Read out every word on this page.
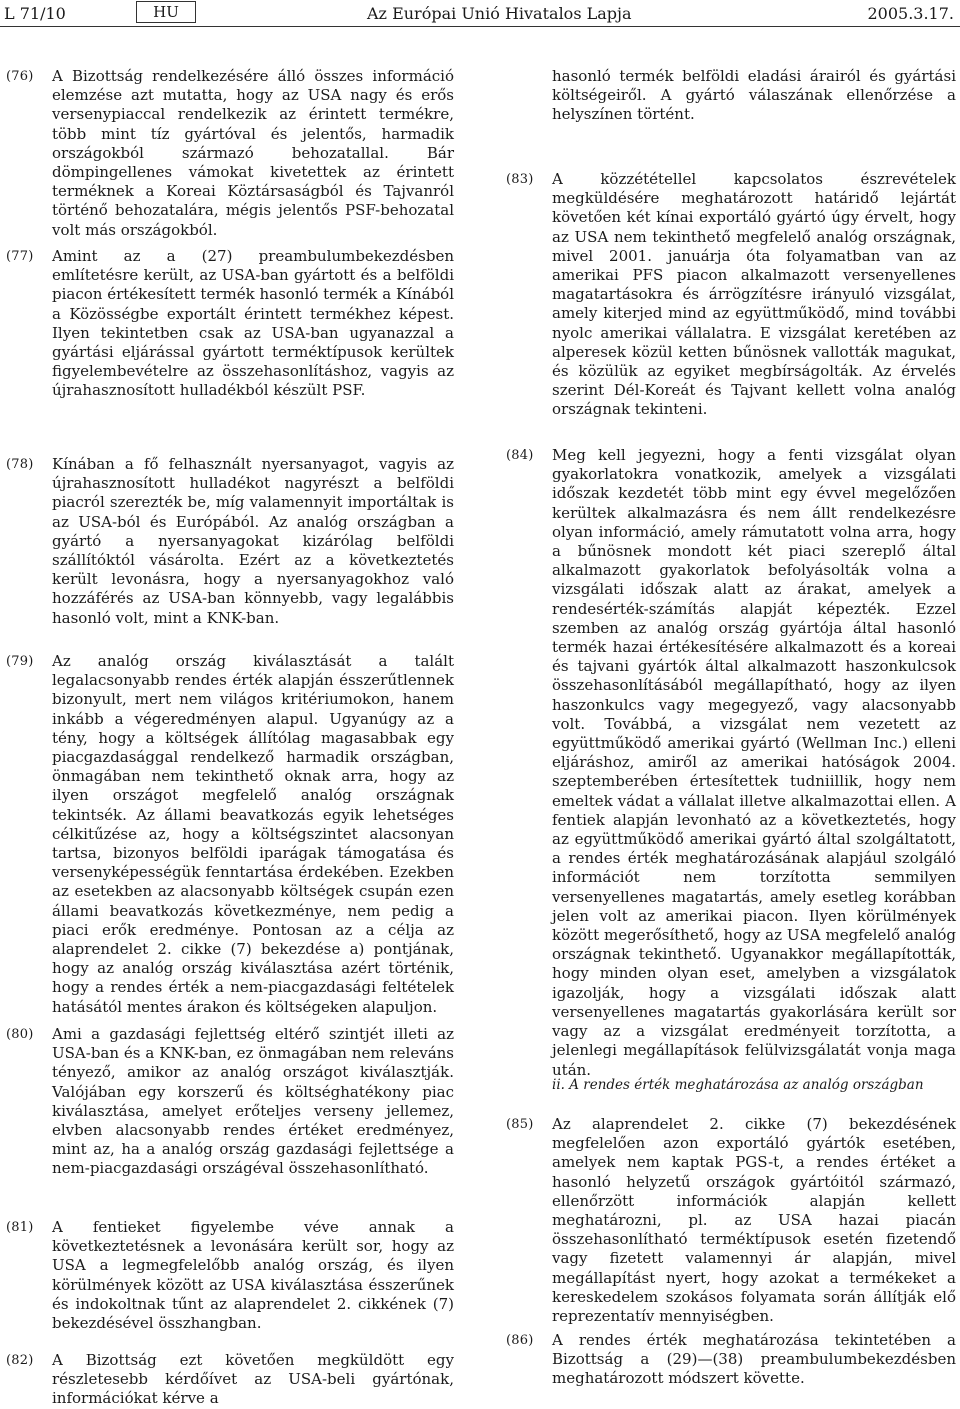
L 71/10	HU	Az Európai Unió Hivatalos Lapja	2005.3.17.
(76) A Bizottság rendelkezésére álló összes információ elemzése azt mutatta, hogy az USA nagy és erős versenypiaccal rendelkezik az érintett termékre, több mint tíz gyártóval és jelentős, harmadik országokból származó behozatallal. Bár dömpingellenes vámokat kivetettek az érintett terméknek a Koreai Köztársaságból és Tajvanról történő behozatalára, mégis jelentős PSF-behozatal volt más országokból.
(77) Amint az a (27) preambulumbekezdésben említetésre került, az USA-ban gyártott és a belföldi piacon értékesített termék hasonló termék a Kínából a Közösségbe exportált érintett termékhez képest. Ilyen tekintetben csak az USA-ban ugyanazzal a gyártási eljárással gyártott terméktípusok kerültek figyelembevételre az összehasonlításhoz, vagyis az újrahasznosított hulladékból készült PSF.
(78) Kínában a fő felhasznált nyersanyagot, vagyis az újrahasznosított hulladékot nagyrészt a belföldi piacról szerezték be, míg valamennyit importáltak is az USA-ból és Európából. Az analóg országban a gyártó a nyersanyagokat kizárólag belföldi szállítóktól vásárolta. Ezért az a következtetés került levonásra, hogy a nyersanyagokhoz való hozzáférés az USA-ban könnyebb, vagy legalábbis hasonló volt, mint a KNK-ban.
(79) Az analóg ország kiválasztását a talált legalacsonyabb rendes érték alapján ésszerűtlennek bizonyult, mert nem világos kritériumokon, hanem inkább a végeredményen alapul. Ugyanúgy az a tény, hogy a költségek állítólag magasabbak egy piacgazdasággal rendelkező harmadik országban, önmagában nem tekinthető oknak arra, hogy az ilyen országot megfelelő analóg országnak tekintsék. Az állami beavatkozás egyik lehetséges célkitűzése az, hogy a költségszintet alacsonyan tartsa, bizonyos belföldi iparágak támogatása és versenyképességük fenntartása érdekében. Ezekben az esetekben az alacsonyabb költségek csupán ezen állami beavatkozás következménye, nem pedig a piaci erők eredménye. Pontosan az a célja az alaprendelet 2. cikke (7) bekezdése a) pontjának, hogy az analóg ország kiválasztása azért történik, hogy a rendes érték a nem-piacgazdasági feltételek hatásától mentes árakon és költségeken alapuljon.
(80) Ami a gazdasági fejlettség eltérő szintjét illeti az USA-ban és a KNK-ban, ez önmagában nem releváns tényező, amikor az analóg országot kiválasztják. Valójában egy korszerű és költséghatékony piac kiválasztása, amelyet erőteljes verseny jellemez, elvben alacsonyabb rendes értéket eredményez, mint az, ha a analóg ország gazdasági fejlettsége a nem-piacgazdasági országéval összehasonlítható.
(81) A fentieket figyelembe véve annak a következtetésnek a levonására került sor, hogy az USA a legmegfelelőbb analóg ország, és ilyen körülmények között az USA kiválasztása ésszerűnek és indokoltnak tűnt az alaprendelet 2. cikkének (7) bekezdésével összhangban.
(82) A Bizottság ezt követően megküldött egy részletesebb kérdőívet az USA-beli gyártónak, információkat kérve a
hasonló termék belföldi eladási árairól és gyártási költségeiről. A gyártó válaszának ellenőrzése a helyszínen történt.
(83) A közzététellel kapcsolatos észrevételek megküldésére meghatározott határidő lejártát követően két kínai exportáló gyártó úgy érvelt, hogy az USA nem tekinthető megfelelő analóg országnak, mivel 2001. januárja óta folyamatban van az amerikai PFS piacon alkalmazott versenyellenes magatartásokra és árrögzítésre irányuló vizsgálat, amely kiterjed mind az együttműködő, mind további nyolc amerikai vállalatra. E vizsgálat keretében az alperesek közül ketten bűnösnek vallották magukat, és közülük az egyiket megbírságolták. Az érvelés szerint Dél-Koreát és Tajvant kellett volna analóg országnak tekinteni.
(84) Meg kell jegyezni, hogy a fenti vizsgálat olyan gyakorlatokra vonatkozik, amelyek a vizsgálati időszak kezdetét több mint egy évvel megelőzően kerültek alkalmazásra és nem állt rendelkezésre olyan információ, amely rámutatott volna arra, hogy a bűnösnek mondott két piaci szereplő által alkalmazott gyakorlatok befolyásolták volna a vizsgálati időszak alatt az árakat, amelyek a rendesérték-számítás alapját képezték. Ezzel szemben az analóg ország gyártója által hasonló termék hazai értékesítésére alkalmazott és a koreai és tajvani gyártók által alkalmazott haszonkulcsok összehasonlításából megállapítható, hogy az ilyen haszonkulcs vagy megegyező, vagy alacsonyabb volt. Továbbá, a vizsgálat nem vezetett az együttműködő amerikai gyártó (Wellman Inc.) elleni eljáráshoz, amiről az amerikai hatóságok 2004. szeptemberében értesítettek tudniillik, hogy nem emeltek vádat a vállalat illetve alkalmazottai ellen. A fentiek alapján levonható az a következtetés, hogy az együttműködő amerikai gyártó által szolgáltatott, a rendes érték meghatározásának alapjául szolgáló információt nem torzította semmilyen versenyellenes magatartás, amely esetleg korábban jelen volt az amerikai piacon. Ilyen körülmények között megerősíthető, hogy az USA megfelelő analóg országnak tekinthető. Ugyanakkor megállapították, hogy minden olyan eset, amelyben a vizsgálatok igazolják, hogy a vizsgálati időszak alatt versenyellenes magatartás gyakorlására került sor vagy az a vizsgálat eredményeit torzította, a jelenlegi megállapítások felülvizsgálatát vonja maga után.
ii. A rendes érték meghatározása az analóg országban
(85) Az alaprendelet 2. cikke (7) bekezdésének megfelelően azon exportáló gyártók esetében, amelyek nem kaptak PGS-t, a rendes értéket a hasonló helyzetű országok gyártóitól származó, ellenőrzött információk alapján kellett meghatározni, pl. az USA hazai piacán összehasonlítható terméktípusok esetén fizetendő vagy fizetett valamennyi ár alapján, mivel megállapítást nyert, hogy azokat a termékeket a kereskedelem szokásos folyamata során állítják elő reprezentatív mennyiségben.
(86) A rendes érték meghatározása tekintetében a Bizottság a (29)—(38) preambulumbekezdésben meghatározott módszert követte.
